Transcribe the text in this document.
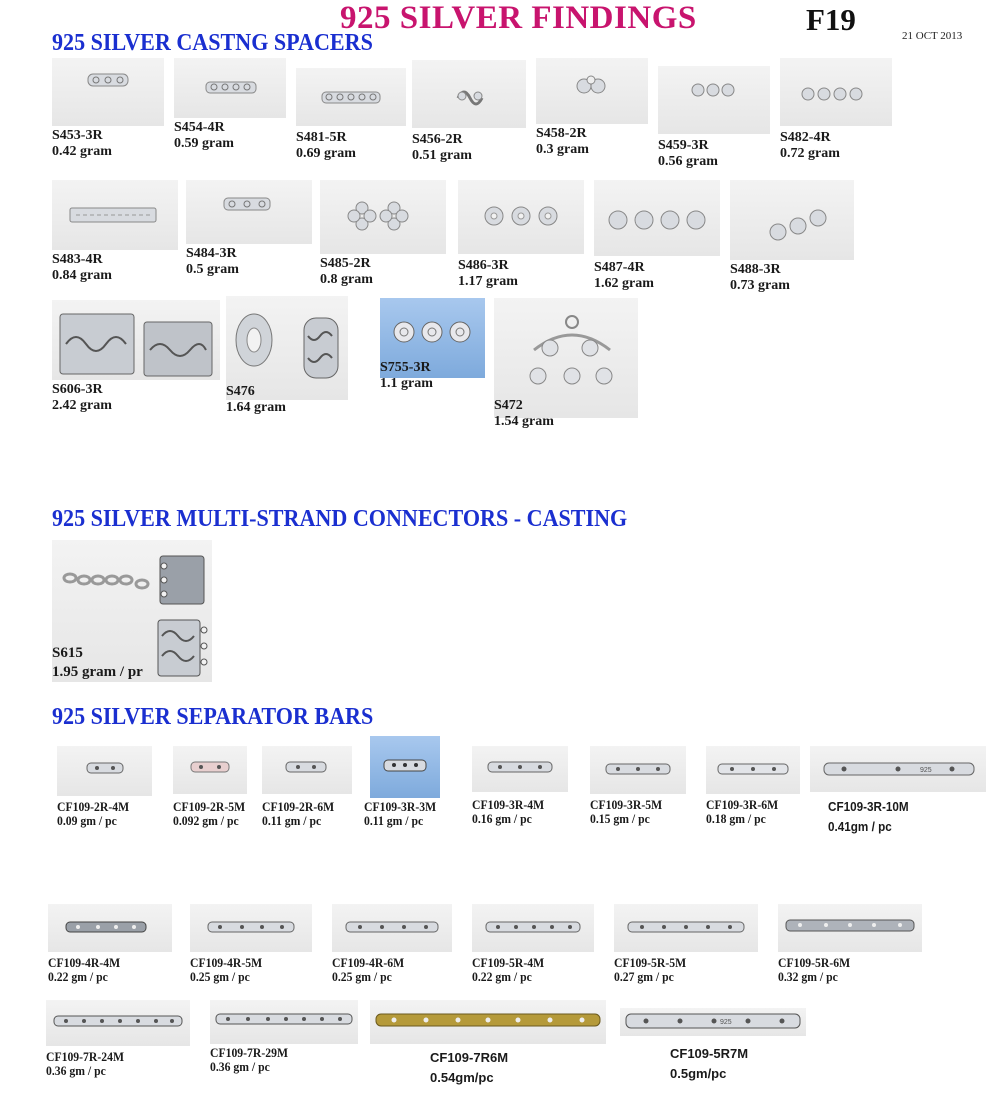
925 SILVER FINDINGS	F19	21 OCT 2013
925 SILVER CASTNG SPACERS
925 SILVER MULTI-STRAND CONNECTORS - CASTING
925 SILVER SEPARATOR BARS
S453-3R
0.42 gram
S454-4R
0.59 gram	S481-5R
0.69 gram
S456-2R
0.51 gram
S458-2R
0.3 gram	S459-3R
0.56 gram
S482-4R
0.72 gram
S483-4R
0.84 gram
S484-3R
0.5 gram	S485-2R
0.8 gram
S486-3R
1.17 gram
S487-4R
1.62 gram
S488-3R
0.73 gram
S606-3R
2.42 gram
S476
1.64 gram
S755-3R
1.1 gram
S472
1.54 gram
S615
1.95 gram / pr
CF109-2R-4M
0.09 gm / pc
CF109-2R-5M
0.092 gm / pc
CF109-2R-6M
0.11 gm / pc
CF109-3R-3M
0.11 gm / pc
CF109-3R-4M
0.16 gm / pc
CF109-3R-5M
0.15 gm / pc
CF109-3R-6M
0.18 gm / pc
925
CF109-3R-10M
0.41gm / pc
CF109-4R-4M
0.22 gm / pc
CF109-4R-5M
0.25 gm / pc
CF109-4R-6M
0.25 gm / pc
CF109-5R-4M
0.22 gm / pc
CF109-5R-5M
0.27 gm / pc
CF109-5R-6M
0.32 gm / pc
CF109-7R-24M
0.36 gm / pc
CF109-7R-29M
0.36 gm / pc
CF109-7R6M
0.54gm/pc
925
CF109-5R7M
0.5gm/pc
